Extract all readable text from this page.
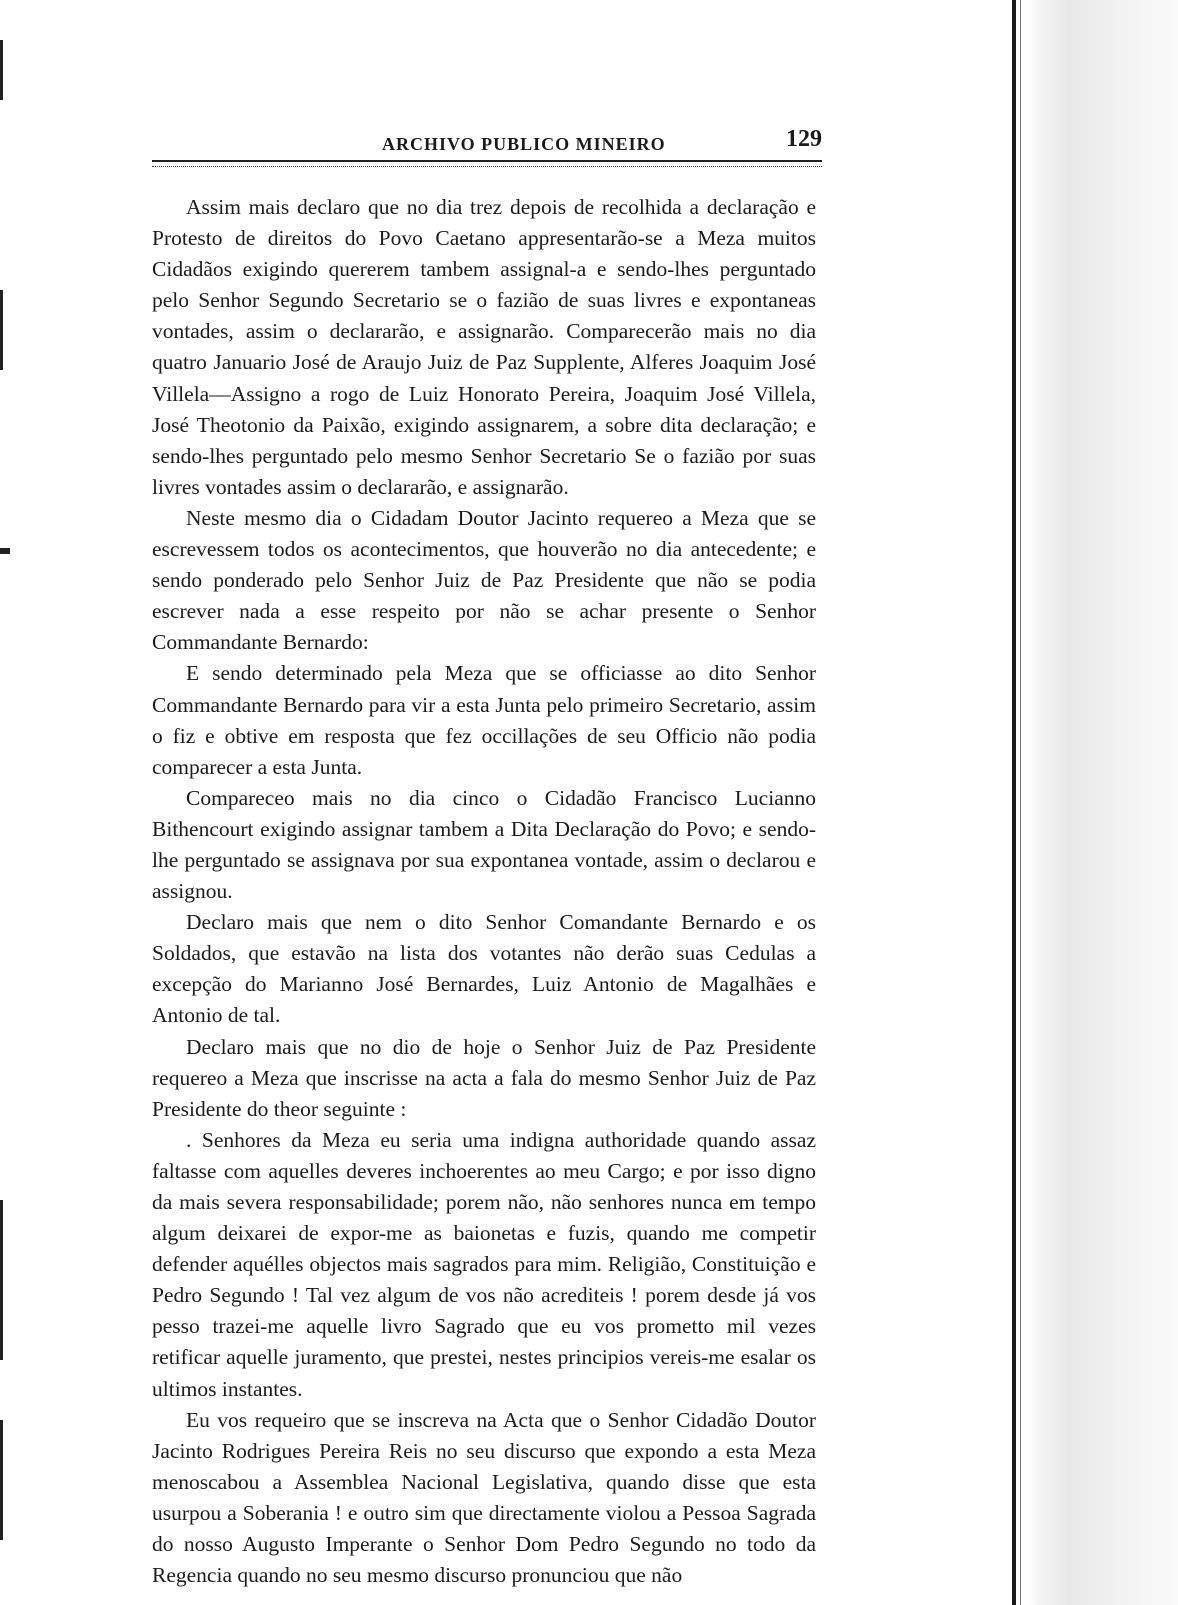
ARCHIVO PUBLICO MINEIRO	129

Assim mais declaro que no dia trez depois de recolhida a declaração e Protesto de direitos do Povo Caetano appresentarão-se a Meza muitos Cidadãos exigindo quererem tambem assignal-a e sendo-lhes perguntado pelo Senhor Segundo Secretario se o fazião de suas livres e expontaneas vontades, assim o declararão, e assignarão. Comparecerão mais no dia quatro Januario José de Araujo Juiz de Paz Supplente, Alferes Joaquim José Villela—Assigno a rogo de Luiz Honorato Pereira, Joaquim José Villela, José Theotonio da Paixão, exigindo assignarem, a sobre dita declaração; e sendo-lhes perguntado pelo mesmo Senhor Secretario Se o fazião por suas livres vontades assim o declararão, e assignarão.

Neste mesmo dia o Cidadam Doutor Jacinto requereo a Meza que se escrevessem todos os acontecimentos, que houverão no dia antecedente; e sendo ponderado pelo Senhor Juiz de Paz Presidente que não se podia escrever nada a esse respeito por não se achar presente o Senhor Commandante Bernardo:

E sendo determinado pela Meza que se officiasse ao dito Senhor Commandante Bernardo para vir a esta Junta pelo primeiro Secretario, assim o fiz e obtive em resposta que fez occillações de seu Officio não podia comparecer a esta Junta.

Compareceo mais no dia cinco o Cidadão Francisco Lucianno Bithencourt exigindo assignar tambem a Dita Declaração do Povo; e sendo-lhe perguntado se assignava por sua expontanea vontade, assim o declarou e assignou.

Declaro mais que nem o dito Senhor Comandante Bernardo e os Soldados, que estavão na lista dos votantes não derão suas Cedulas a excepção do Marianno José Bernardes, Luiz Antonio de Magalhães e Antonio de tal.

Declaro mais que no dio de hoje o Senhor Juiz de Paz Presidente requereo a Meza que inscrisse na acta a fala do mesmo Senhor Juiz de Paz Presidente do theor seguinte :

. Senhores da Meza eu seria uma indigna authoridade quando assaz faltasse com aquelles deveres inchoerentes ao meu Cargo; e por isso digno da mais severa responsabilidade; porem não, não senhores nunca em tempo algum deixarei de expor-me as baionetas e fuzis, quando me competir defender aquélles objectos mais sagrados para mim. Religião, Constituição e Pedro Segundo ! Tal vez algum de vos não acrediteis ! porem desde já vos pesso trazei-me aquelle livro Sagrado que eu vos prometto mil vezes retificar aquelle juramento, que prestei, nestes principios vereis-me esalar os ultimos instantes.

Eu vos requeiro que se inscreva na Acta que o Senhor Cidadão Doutor Jacinto Rodrigues Pereira Reis no seu discurso que expondo a esta Meza menoscabou a Assemblea Nacional Legislativa, quando disse que esta usurpou a Soberania ! e outro sim que directamente violou a Pessoa Sagrada do nosso Augusto Imperante o Senhor Dom Pedro Segundo no todo da Regencia quando no seu mesmo discurso pronunciou que não
